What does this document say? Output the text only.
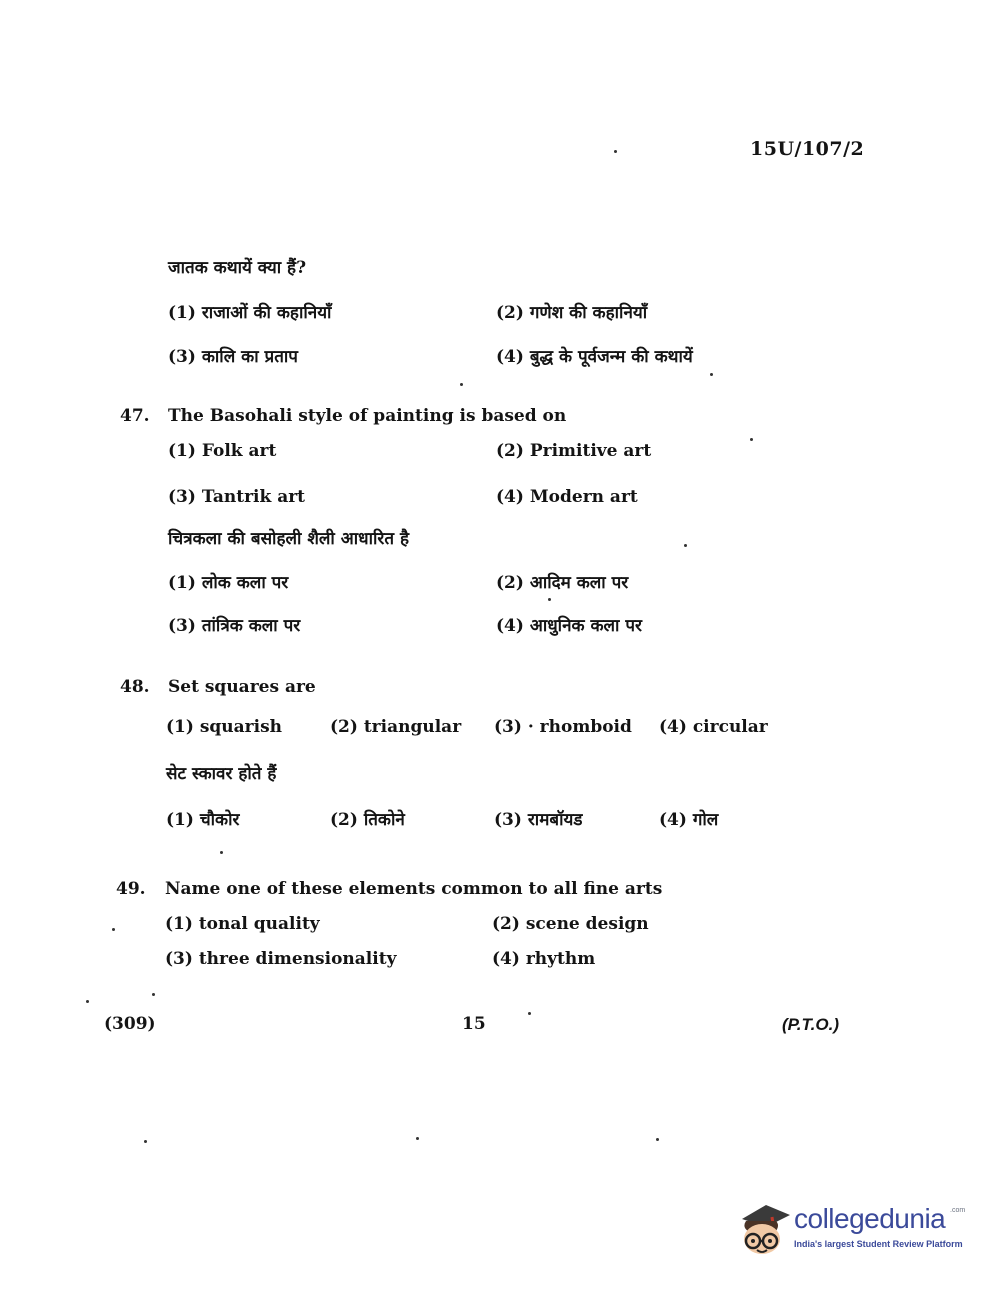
15U/107/2
जातक कथायें क्या हैं?
(1) राजाओं की कहानियाँ	(2) गणेश की कहानियाँ
(3) कालि का प्रताप	(4) बुद्ध के पूर्वजन्म की कथायें
47. The Basohali style of painting is based on
(1) Folk art	(2) Primitive art
(3) Tantrik art	(4) Modern art
चित्रकला की बसोहली शैली आधारित है
(1) लोक कला पर	(2) आदिम कला पर
(3) तांत्रिक कला पर	(4) आधुनिक कला पर
48. Set squares are
(1) squarish	(2) triangular (3) · rhomboid (4) circular
सेट स्कावर होते हैं
(1) चौकोर	(2) तिकोने	(3) रामबॉयड	(4) गोल
49. Name one of these elements common to all fine arts
(1) tonal quality	(2) scene design
(3) three dimensionality	(4) rhythm
(309)	15	(P.T.O.)
collegedunia .com
India's largest Student Review Platform
